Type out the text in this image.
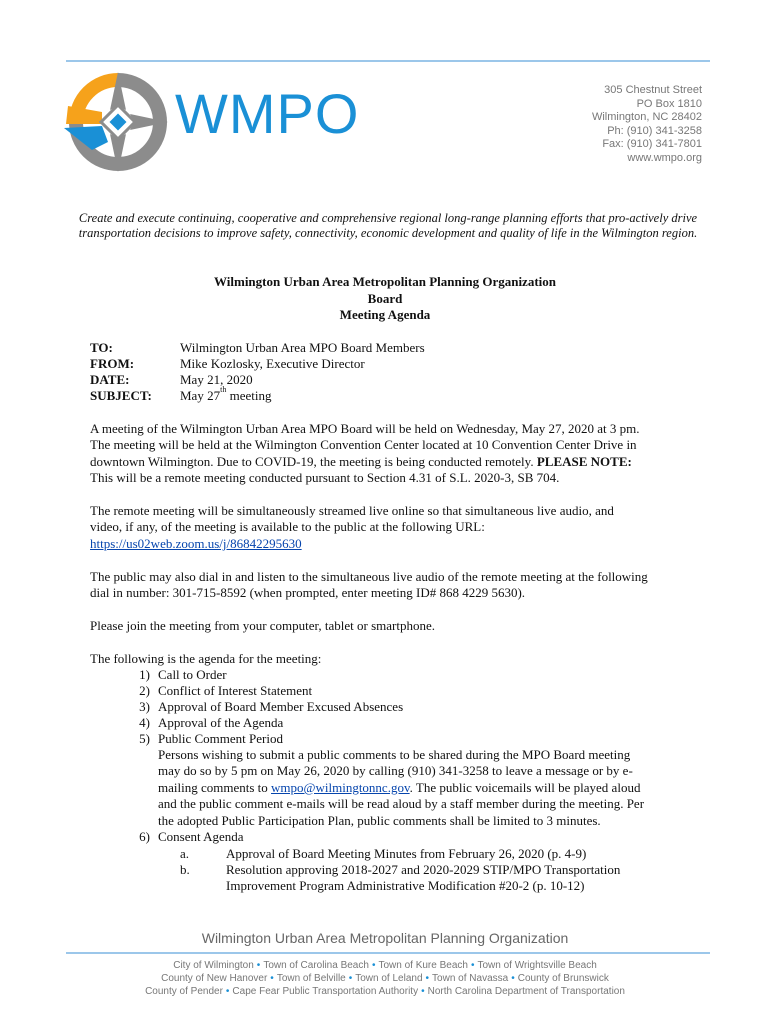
WMPO	305 Chestnut Street
PO Box 1810
Wilmington, NC 28402
Ph: (910) 341-3258
Fax: (910) 341-7801
www.wmpo.org
Create and execute continuing, cooperative and comprehensive regional long-range planning efforts that pro-actively drive transportation decisions to improve safety, connectivity, economic development and quality of life in the Wilmington region.
Wilmington Urban Area Metropolitan Planning Organization
Board
Meeting Agenda
TO:	Wilmington Urban Area MPO Board Members
FROM:	Mike Kozlosky, Executive Director
DATE:	May 21, 2020
SUBJECT: May 27th meeting
A meeting of the Wilmington Urban Area MPO Board will be held on Wednesday, May 27, 2020 at 3 pm.
The meeting will be held at the Wilmington Convention Center located at 10 Convention Center Drive in
downtown Wilmington. Due to COVID-19, the meeting is being conducted remotely. PLEASE NOTE:
This will be a remote meeting conducted pursuant to Section 4.31 of S.L. 2020-3, SB 704.
The remote meeting will be simultaneously streamed live online so that simultaneous live audio, and
video, if any, of the meeting is available to the public at the following URL:
https://us02web.zoom.us/j/86842295630
The public may also dial in and listen to the simultaneous live audio of the remote meeting at the following
dial in number: 301-715-8592 (when prompted, enter meeting ID# 868 4229 5630).
Please join the meeting from your computer, tablet or smartphone.
The following is the agenda for the meeting:
1) Call to Order
2) Conflict of Interest Statement
3) Approval of Board Member Excused Absences
4) Approval of the Agenda
5) Public Comment Period
Persons wishing to submit a public comments to be shared during the MPO Board meeting
may do so by 5 pm on May 26, 2020 by calling (910) 341-3258 to leave a message or by e-
mailing comments to wmpo@wilmingtonnc.gov. The public voicemails will be played aloud
and the public comment e-mails will be read aloud by a staff member during the meeting. Per
the adopted Public Participation Plan, public comments shall be limited to 3 minutes.
6) Consent Agenda
a.	Approval of Board Meeting Minutes from February 26, 2020 (p. 4-9)
b.	Resolution approving 2018-2027 and 2020-2029 STIP/MPO Transportation
Improvement Program Administrative Modification #20-2 (p. 10-12)
Wilmington Urban Area Metropolitan Planning Organization
City of Wilmington • Town of Carolina Beach • Town of Kure Beach • Town of Wrightsville Beach
County of New Hanover • Town of Belville • Town of Leland • Town of Navassa • County of Brunswick
County of Pender • Cape Fear Public Transportation Authority • North Carolina Department of Transportation
